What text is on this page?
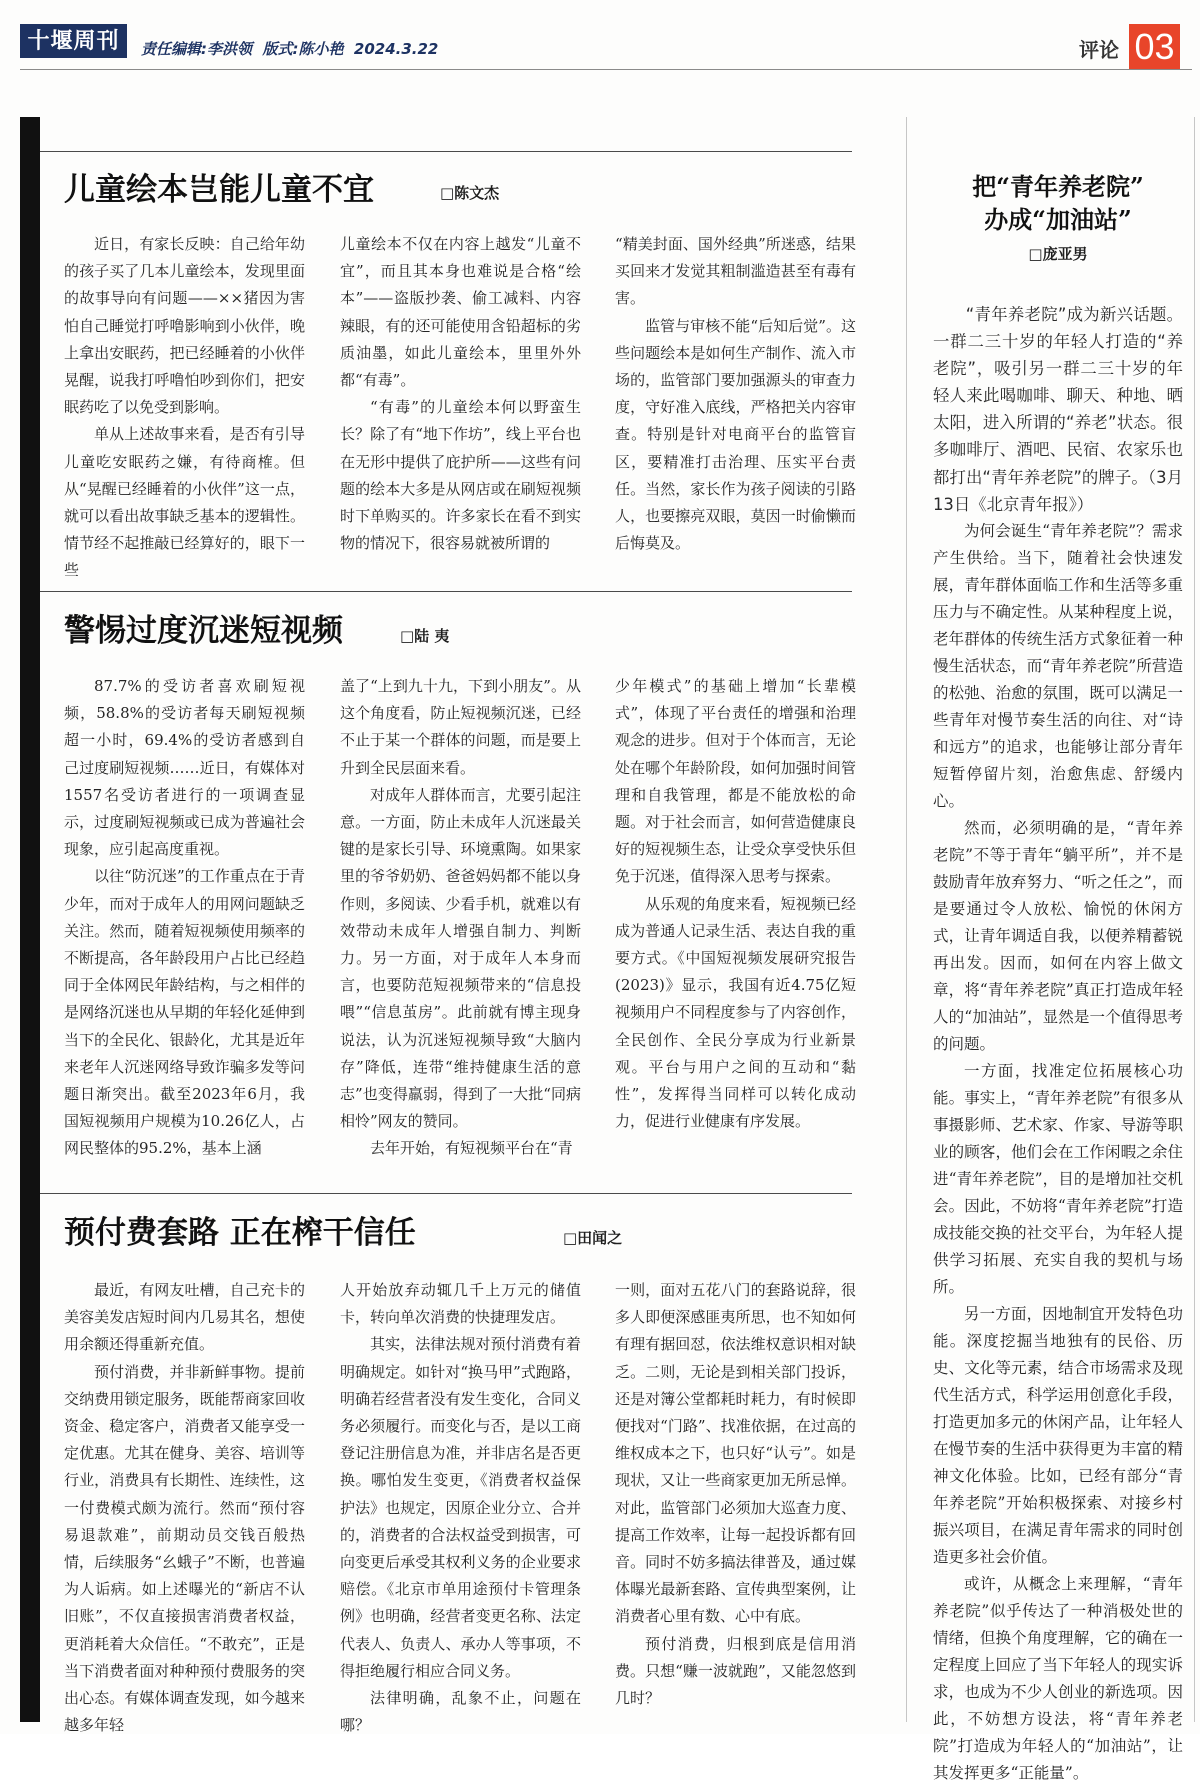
十堰周刊	责任编辑:李洪领  版式:陈小艳  2024.3.22	评论 03
儿童绘本岂能儿童不宜	□陈文杰

近日，有家长反映：自己给年幼的孩子买了几本儿童绘本，发现里面的故事导向有问题——××猪因为害怕自己睡觉打呼噜影响到小伙伴，晚上拿出安眠药，把已经睡着的小伙伴晃醒，说我打呼噜怕吵到你们，把安眠药吃了以免受到影响。

单从上述故事来看，是否有引导儿童吃安眠药之嫌，有待商榷。但从“晃醒已经睡着的小伙伴”这一点，就可以看出故事缺乏基本的逻辑性。情节经不起推敲已经算好的，眼下一些

儿童绘本不仅在内容上越发“儿童不宜”，而且其本身也难说是合格“绘本”——盗版抄袭、偷工减料、内容辣眼，有的还可能使用含铅超标的劣质油墨，如此儿童绘本，里里外外都“有毒”。

“有毒”的儿童绘本何以野蛮生长？除了有“地下作坊”，线上平台也在无形中提供了庇护所——这些有问题的绘本大多是从网店或在刷短视频时下单购买的。许多家长在看不到实物的情况下，很容易就被所谓的

“精美封面、国外经典”所迷惑，结果买回来才发觉其粗制滥造甚至有毒有害。

监管与审核不能“后知后觉”。这些问题绘本是如何生产制作、流入市场的，监管部门要加强源头的审查力度，守好准入底线，严格把关内容审查。特别是针对电商平台的监管盲区，要精准打击治理、压实平台责任。当然，家长作为孩子阅读的引路人，也要擦亮双眼，莫因一时偷懒而后悔莫及。

警惕过度沉迷短视频	□陆 夷

87.7%的受访者喜欢刷短视频，58.8%的受访者每天刷短视频超一小时，69.4%的受访者感到自己过度刷短视频……近日，有媒体对1557名受访者进行的一项调查显示，过度刷短视频或已成为普遍社会现象，应引起高度重视。

以往“防沉迷”的工作重点在于青少年，而对于成年人的用网问题缺乏关注。然而，随着短视频使用频率的不断提高，各年龄段用户占比已经趋同于全体网民年龄结构，与之相伴的是网络沉迷也从早期的年轻化延伸到当下的全民化、银龄化，尤其是近年来老年人沉迷网络导致诈骗多发等问题日渐突出。截至2023年6月，我国短视频用户规模为10.26亿人，占网民整体的95.2%，基本上涵

盖了“上到九十九，下到小朋友”。从这个角度看，防止短视频沉迷，已经不止于某一个群体的问题，而是要上升到全民层面来看。

对成年人群体而言，尤要引起注意。一方面，防止未成年人沉迷最关键的是家长引导、环境熏陶。如果家里的爷爷奶奶、爸爸妈妈都不能以身作则，多阅读、少看手机，就难以有效带动未成年人增强自制力、判断力。另一方面，对于成年人本身而言，也要防范短视频带来的“信息投喂”“信息茧房”。此前就有博主现身说法，认为沉迷短视频导致“大脑内存”降低，连带“维持健康生活的意志”也变得羸弱，得到了一大批“同病相怜”网友的赞同。

去年开始，有短视频平台在“青

少年模式”的基础上增加“长辈模式”，体现了平台责任的增强和治理观念的进步。但对于个体而言，无论处在哪个年龄阶段，如何加强时间管理和自我管理，都是不能放松的命题。对于社会而言，如何营造健康良好的短视频生态，让受众享受快乐但免于沉迷，值得深入思考与探索。

从乐观的角度来看，短视频已经成为普通人记录生活、表达自我的重要方式。《中国短视频发展研究报告(2023)》显示，我国有近4.75亿短视频用户不同程度参与了内容创作，全民创作、全民分享成为行业新景观。平台与用户之间的互动和“黏性”，发挥得当同样可以转化成动力，促进行业健康有序发展。

预付费套路 正在榨干信任	□田闻之

最近，有网友吐槽，自己充卡的美容美发店短时间内几易其名，想使用余额还得重新充值。

预付消费，并非新鲜事物。提前交纳费用锁定服务，既能帮商家回收资金、稳定客户，消费者又能享受一定优惠。尤其在健身、美容、培训等行业，消费具有长期性、连续性，这一付费模式颇为流行。然而“预付容易退款难”，前期动员交钱百般热情，后续服务“幺蛾子”不断，也普遍为人诟病。如上述曝光的“新店不认旧账”，不仅直接损害消费者权益，更消耗着大众信任。“不敢充”，正是当下消费者面对种种预付费服务的突出心态。有媒体调查发现，如今越来越多年轻

人开始放弃动辄几千上万元的储值卡，转向单次消费的快捷理发店。

其实，法律法规对预付消费有着明确规定。如针对“换马甲”式跑路，明确若经营者没有发生变化，合同义务必须履行。而变化与否，是以工商登记注册信息为准，并非店名是否更换。哪怕发生变更，《消费者权益保护法》也规定，因原企业分立、合并的，消费者的合法权益受到损害，可向变更后承受其权利义务的企业要求赔偿。《北京市单用途预付卡管理条例》也明确，经营者变更名称、法定代表人、负责人、承办人等事项，不得拒绝履行相应合同义务。

法律明确，乱象不止，问题在哪？

一则，面对五花八门的套路说辞，很多人即便深感匪夷所思，也不知如何有理有据回怼，依法维权意识相对缺乏。二则，无论是到相关部门投诉，还是对簿公堂都耗时耗力，有时候即便找对“门路”、找准依据，在过高的维权成本之下，也只好“认亏”。如是现状，又让一些商家更加无所忌惮。对此，监管部门必须加大巡查力度、提高工作效率，让每一起投诉都有回音。同时不妨多搞法律普及，通过媒体曝光最新套路、宣传典型案例，让消费者心里有数、心中有底。

预付消费，归根到底是信用消费。只想“赚一波就跑”，又能忽悠到几时？

把“青年养老院”
办成“加油站”
□庞亚男
“青年养老院”成为新兴话题。一群二三十岁的年轻人打造的“养老院”，吸引另一群二三十岁的年轻人来此喝咖啡、聊天、种地、晒太阳，进入所谓的“养老”状态。很多咖啡厅、酒吧、民宿、农家乐也都打出“青年养老院”的牌子。（3月13日《北京青年报》）

为何会诞生“青年养老院”？需求产生供给。当下，随着社会快速发展，青年群体面临工作和生活等多重压力与不确定性。从某种程度上说，老年群体的传统生活方式象征着一种慢生活状态，而“青年养老院”所营造的松弛、治愈的氛围，既可以满足一些青年对慢节奏生活的向往、对“诗和远方”的追求，也能够让部分青年短暂停留片刻，治愈焦虑、舒缓内心。

然而，必须明确的是，“青年养老院”不等于青年“躺平所”，并不是鼓励青年放弃努力、“听之任之”，而是要通过令人放松、愉悦的休闲方式，让青年调适自我，以便养精蓄锐再出发。因而，如何在内容上做文章，将“青年养老院”真正打造成年轻人的“加油站”，显然是一个值得思考的问题。

一方面，找准定位拓展核心功能。事实上，“青年养老院”有很多从事摄影师、艺术家、作家、导游等职业的顾客，他们会在工作闲暇之余住进“青年养老院”，目的是增加社交机会。因此，不妨将“青年养老院”打造成技能交换的社交平台，为年轻人提供学习拓展、充实自我的契机与场所。

另一方面，因地制宜开发特色功能。深度挖掘当地独有的民俗、历史、文化等元素，结合市场需求及现代生活方式，科学运用创意化手段，打造更加多元的休闲产品，让年轻人在慢节奏的生活中获得更为丰富的精神文化体验。比如，已经有部分“青年养老院”开始积极探索、对接乡村振兴项目，在满足青年需求的同时创造更多社会价值。

或许，从概念上来理解，“青年养老院”似乎传达了一种消极处世的情绪，但换个角度理解，它的确在一定程度上回应了当下年轻人的现实诉求，也成为不少人创业的新选项。因此，不妨想方设法，将“青年养老院”打造成为年轻人的“加油站”，让其发挥更多“正能量”。
